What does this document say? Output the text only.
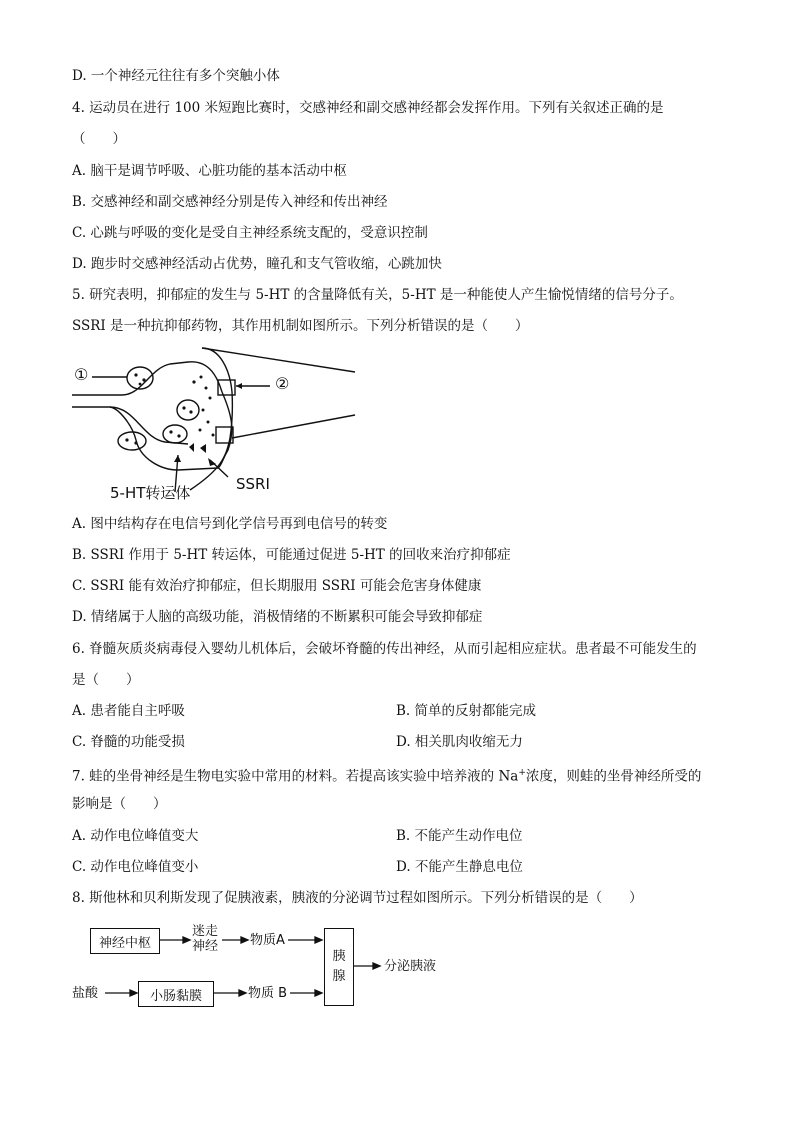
D. 一个神经元往往有多个突触小体
4. 运动员在进行 100 米短跑比赛时，交感神经和副交感神经都会发挥作用。下列有关叙述正确的是
（　　）
A. 脑干是调节呼吸、心脏功能的基本活动中枢
B. 交感神经和副交感神经分别是传入神经和传出神经
C. 心跳与呼吸的变化是受自主神经系统支配的，受意识控制
D. 跑步时交感神经活动占优势，瞳孔和支气管收缩，心跳加快
5. 研究表明，抑郁症的发生与 5-HT 的含量降低有关，5-HT 是一种能使人产生愉悦情绪的信号分子。
SSRI 是一种抗抑郁药物，其作用机制如图所示。下列分析错误的是（　　）
①	②
SSRI
5-HT转运体
A. 图中结构存在电信号到化学信号再到电信号的转变
B. SSRI 作用于 5-HT 转运体，可能通过促进 5-HT 的回收来治疗抑郁症
C. SSRI 能有效治疗抑郁症，但长期服用 SSRI 可能会危害身体健康
D. 情绪属于人脑的高级功能，消极情绪的不断累积可能会导致抑郁症
6. 脊髓灰质炎病毒侵入婴幼儿机体后，会破坏脊髓的传出神经，从而引起相应症状。患者最不可能发生的
是（　　）
A. 患者能自主呼吸	B. 简单的反射都能完成
C. 脊髓的功能受损	D. 相关肌肉收缩无力
7. 蛙的坐骨神经是生物电实验中常用的材料。若提高该实验中培养液的 Na+浓度，则蛙的坐骨神经所受的
影响是（　　）
A. 动作电位峰值变大	B. 不能产生动作电位
C. 动作电位峰值变小	D. 不能产生静息电位
8. 斯他林和贝利斯发现了促胰液素，胰液的分泌调节过程如图所示。下列分析错误的是（　　）
神经中枢
迷走
神经 物质A
胰
腺
分泌胰液
盐酸	小肠黏膜	物质 B
